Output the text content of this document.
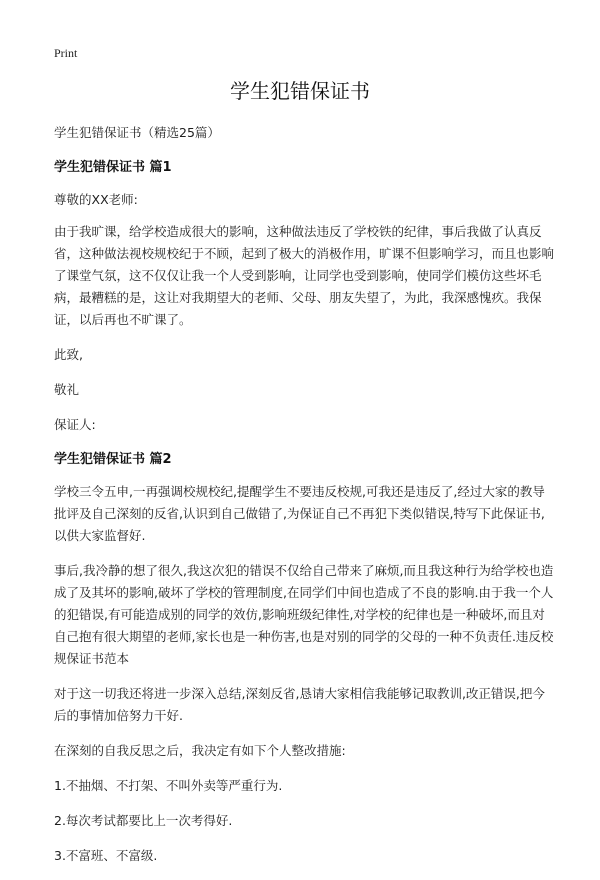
Print
学生犯错保证书

学生犯错保证书（精选25篇）

学生犯错保证书 篇1

尊敬的XX老师:

由于我旷课，给学校造成很大的影响，这种做法违反了学校铁的纪律，事后我做了认真反省，这种做法视校规校纪于不顾，起到了极大的消极作用，旷课不但影响学习，而且也影响了课堂气氛，这不仅仅让我一个人受到影响，让同学也受到影响，使同学们模仿这些坏毛病，最糟糕的是，这让对我期望大的老师、父母、朋友失望了，为此，我深感愧疚。我保证，以后再也不旷课了。

此致,

敬礼

保证人:

学生犯错保证书 篇2

学校三令五申,一再强调校规校纪,提醒学生不要违反校规,可我还是违反了,经过大家的教导批评及自己深刻的反省,认识到自己做错了,为保证自己不再犯下类似错误,特写下此保证书,以供大家监督好.

事后,我冷静的想了很久,我这次犯的错误不仅给自己带来了麻烦,而且我这种行为给学校也造成了及其坏的影响,破坏了学校的管理制度,在同学们中间也造成了不良的影响.由于我一个人的犯错误,有可能造成别的同学的效仿,影响班级纪律性,对学校的纪律也是一种破坏,而且对自己抱有很大期望的老师,家长也是一种伤害,也是对别的同学的父母的一种不负责任.违反校规保证书范本

对于这一切我还将进一步深入总结,深刻反省,恳请大家相信我能够记取教训,改正错误,把今后的事情加倍努力干好.

在深刻的自我反思之后，我决定有如下个人整改措施:

1.不抽烟、不打架、不叫外卖等严重行为.

2.每次考试都要比上一次考得好.

3.不富班、不富级.
